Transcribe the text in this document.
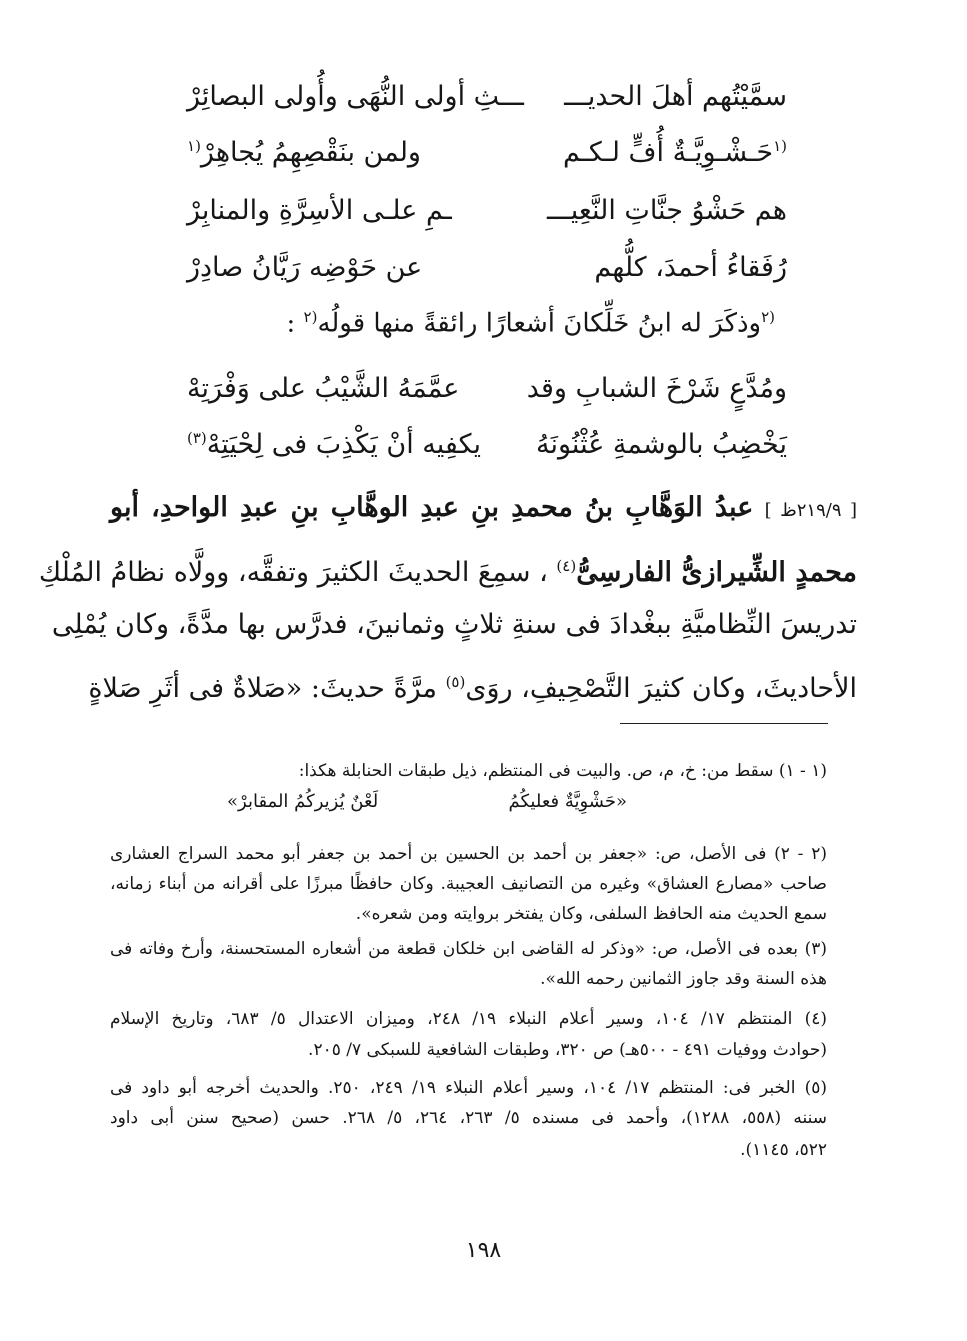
سمَّيْتُهم أهلَ الحديـــ
ـــثِ أولى النُّهَى وأُولى البصائِرْ
$^{(١}$حَـشْـوِيَّـةٌ أُفٍّ لـكـم
ولمن بنَقْصِهِمُ يُجاهِرْ$^{(١}$
هم حَشْوُ جنَّاتِ النَّعِيـــ
ـمِ علـى الأسِرَّةِ والمنابِرْ
رُفَقاءُ أحمدَ، كلُّهم
عن حَوْضِه رَيَّانُ صادِرْ
$^{(٢}$وذكَرَ له ابنُ خَلِّكانَ أشعارًا رائقةً منها قولُه$^{(٢}$ :
ومُدَّعٍ شَرْخَ الشبابِ وقد
عمَّمَهُ الشَّيْبُ على وَفْرَتِهْ
يَخْضِبُ بالوشمةِ عُثْنُونَهُ
يكفِيه أنْ يَكْذِبَ فى لِحْيَتِهْ$^{(٣)}$
[ ٢١٩/٩ظ ] عبدُ الوَهَّابِ بنُ محمدِ بنِ عبدِ الوهَّابِ بنِ عبدِ الواحدِ، أبو
محمدٍ الشِّيرازىُّ الفارسِىُّ$^{(٤)}$ ، سمِعَ الحديثَ الكثيرَ وتفقَّه، وولَّاه نظامُ المُلْكِ
تدريسَ النِّظاميَّةِ ببغْدادَ فى سنةِ ثلاثٍ وثمانينَ، فدرَّس بها مدَّةً، وكان يُمْلِى
الأحاديثَ، وكان كثيرَ التَّصْحِيفِ، روَى$^{(٥)}$ مرَّةً حديثَ: «صَلاةٌ فى أثَرِ صَلاةٍ
(١ - ١) سقط من: خ، م، ص. والبيت فى المنتظم، ذيل طبقات الحنابلة هكذا:
«حَشْوِيَّةٌ فعليكُمُ
لَعْنٌ يُزيركُمُ المقابرْ»
(٢ - ٢) فى الأصل، ص: «جعفر بن أحمد بن الحسين بن أحمد بن جعفر أبو محمد السراج العشارى
صاحب «مصارع العشاق» وغيره من التصانيف العجيبة. وكان حافظًا مبرزًا على أقرانه من أبناء زمانه،
سمع الحديث منه الحافظ السلفى، وكان يفتخر بروايته ومن شعره».
(٣) بعده فى الأصل، ص: «وذكر له القاضى ابن خلكان قطعة من أشعاره المستحسنة، وأرخ وفاته فى
هذه السنة وقد جاوز الثمانين رحمه الله».
(٤) المنتظم ١٧/ ١٠٤، وسير أعلام النبلاء ١٩/ ٢٤٨، وميزان الاعتدال ٥/ ٦٨٣، وتاريخ الإسلام
(حوادث ووفيات ٤٩١ - ٥٠٠هـ) ص ٣٢٠، وطبقات الشافعية للسبكى ٧/ ٢٠٥.
(٥) الخبر فى: المنتظم ١٧/ ١٠٤، وسير أعلام النبلاء ١٩/ ٢٤٩، ٢٥٠. والحديث أخرجه أبو داود فى
سننه (٥٥٨، ١٢٨٨)، وأحمد فى مسنده ٥/ ٢٦٣، ٢٦٤، ٥/ ٢٦٨. حسن (صحيح سنن أبى داود
٥٢٢، ١١٤٥).
١٩٨
